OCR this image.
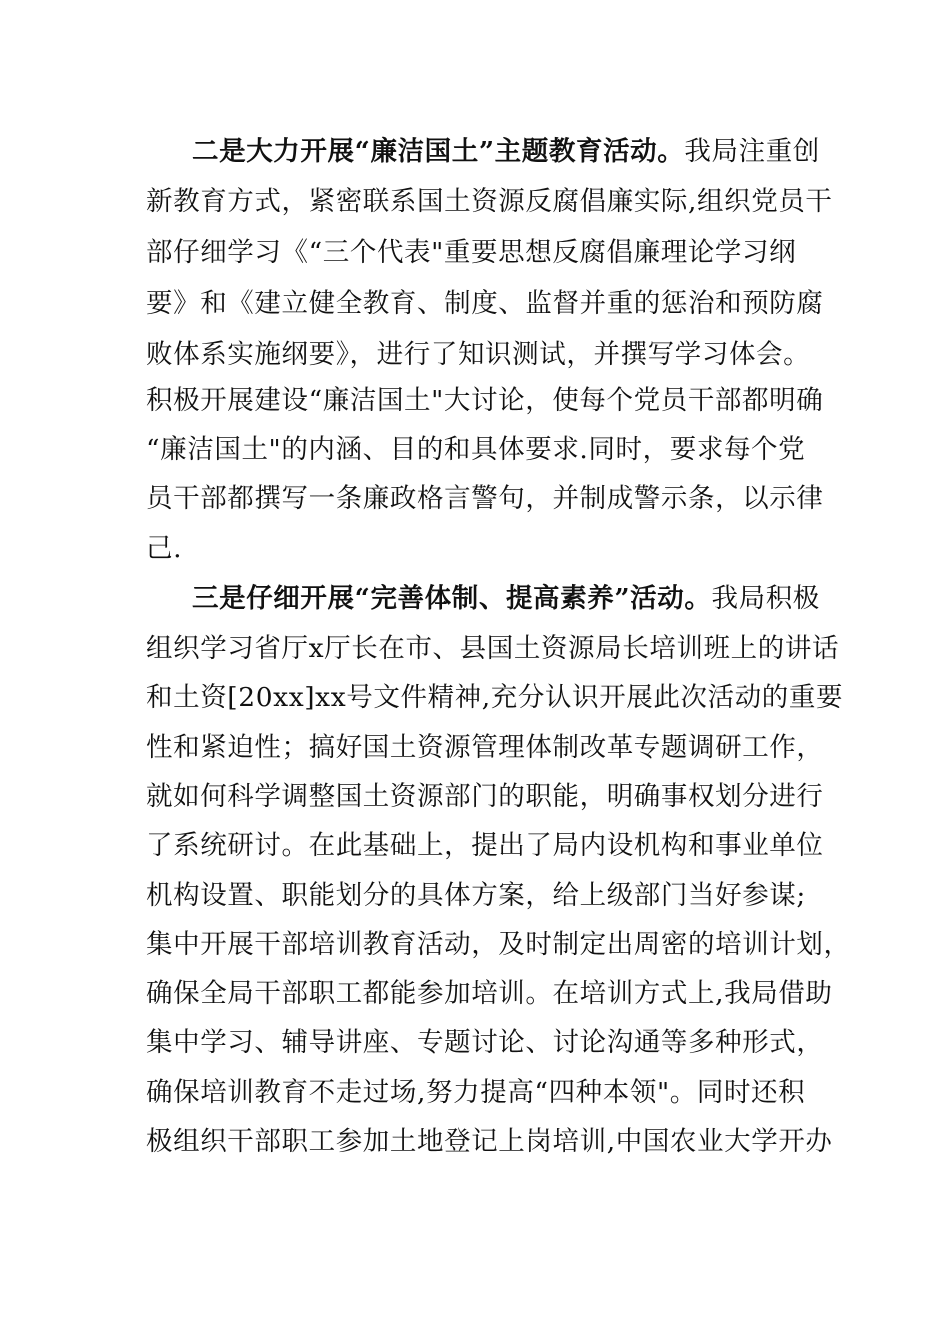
二是大力开展“廉洁国土”主题教育活动。我局注重创
新教育方式，紧密联系国土资源反腐倡廉实际,组织党员干
部仔细学习《“三个代表"重要思想反腐倡廉理论学习纲
要》和《建立健全教育、制度、监督并重的惩治和预防腐
败体系实施纲要》，进行了知识测试，并撰写学习体会。
积极开展建设“廉洁国土"大讨论，使每个党员干部都明确
“廉洁国土"的内涵、目的和具体要求.同时，要求每个党
员干部都撰写一条廉政格言警句，并制成警示条，以示律
己.
三是仔细开展“完善体制、提高素养”活动。我局积极
组织学习省厅x厅长在市、县国土资源局长培训班上的讲话
和土资[20xx]xx号文件精神,充分认识开展此次活动的重要
性和紧迫性；搞好国土资源管理体制改革专题调研工作，
就如何科学调整国土资源部门的职能，明确事权划分进行
了系统研讨。在此基础上，提出了局内设机构和事业单位
机构设置、职能划分的具体方案，给上级部门当好参谋;
集中开展干部培训教育活动，及时制定出周密的培训计划，
确保全局干部职工都能参加培训。在培训方式上,我局借助
集中学习、辅导讲座、专题讨论、讨论沟通等多种形式，
确保培训教育不走过场,努力提高“四种本领"。同时还积
极组织干部职工参加土地登记上岗培训,中国农业大学开办
